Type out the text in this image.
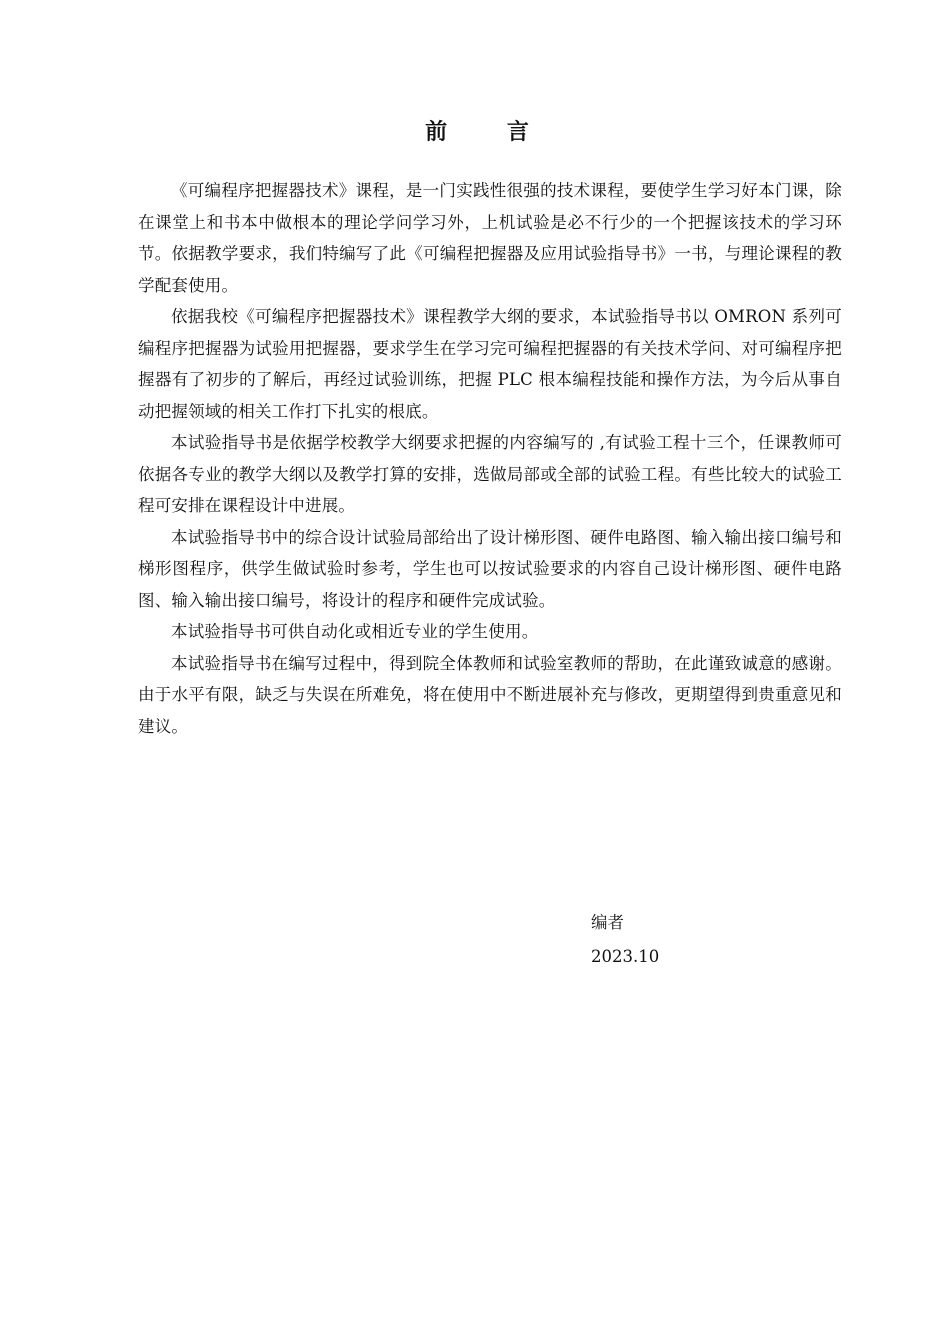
前 言

《可编程序把握器技术》课程，是一门实践性很强的技术课程，要使学生学习好本门课，除在课堂上和书本中做根本的理论学问学习外，上机试验是必不行少的一个把握该技术的学习环节。依据教学要求，我们特编写了此《可编程把握器及应用试验指导书》一书，与理论课程的教学配套使用。

依据我校《可编程序把握器技术》课程教学大纲的要求，本试验指导书以 OMRON 系列可编程序把握器为试验用把握器，要求学生在学习完可编程把握器的有关技术学问、对可编程序把握器有了初步的了解后，再经过试验训练，把握 PLC 根本编程技能和操作方法，为今后从事自动把握领域的相关工作打下扎实的根底。

本试验指导书是依据学校教学大纲要求把握的内容编写的 ,有试验工程十三个，任课教师可依据各专业的教学大纲以及教学打算的安排，选做局部或全部的试验工程。有些比较大的试验工程可安排在课程设计中进展。

本试验指导书中的综合设计试验局部给出了设计梯形图、硬件电路图、输入输出接口编号和梯形图程序，供学生做试验时参考，学生也可以按试验要求的内容自己设计梯形图、硬件电路图、输入输出接口编号，将设计的程序和硬件完成试验。

本试验指导书可供自动化或相近专业的学生使用。

本试验指导书在编写过程中，得到院全体教师和试验室教师的帮助，在此谨致诚意的感谢。由于水平有限，缺乏与失误在所难免，将在使用中不断进展补充与修改，更期望得到贵重意见和建议。

编者
2023.10
